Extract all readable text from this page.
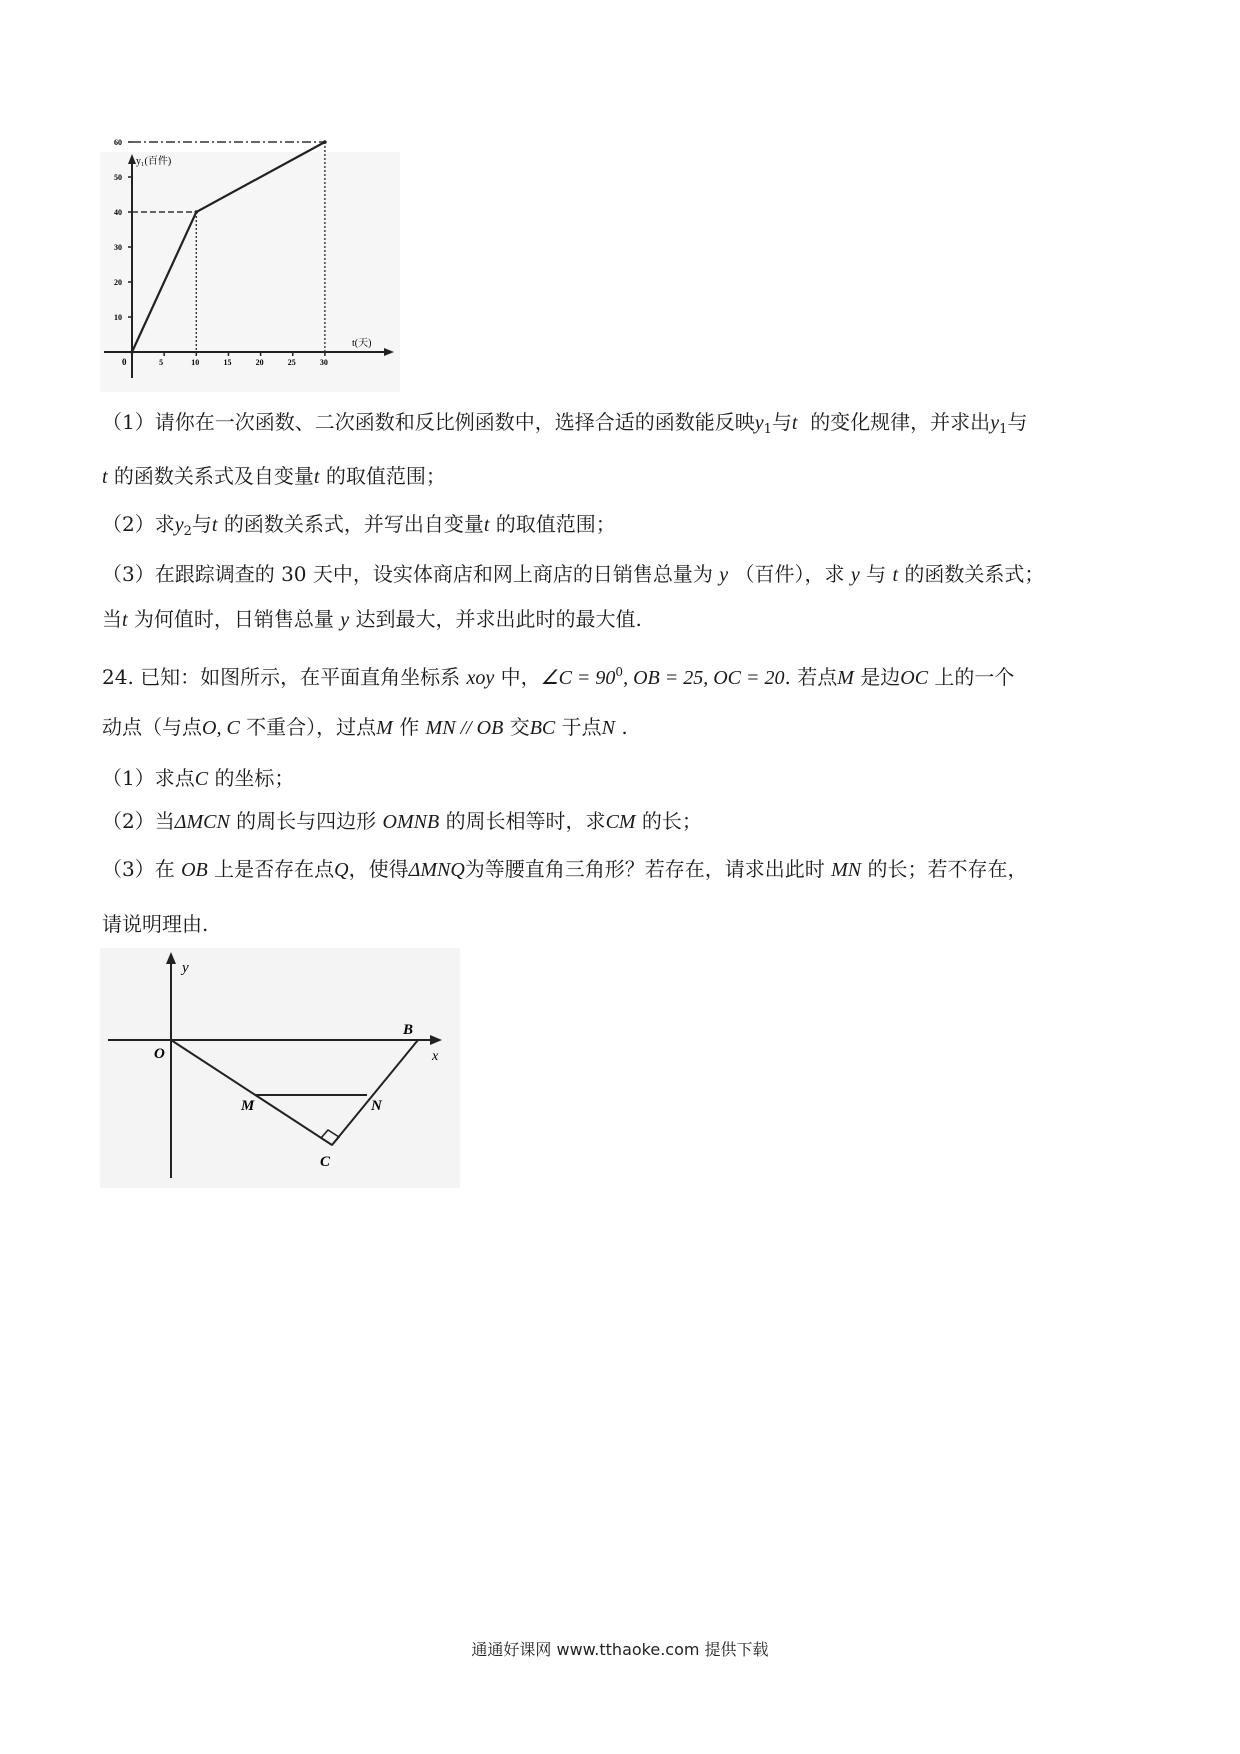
y₁(百件)
t(天)
0
10
20
30
40
50
60
5	10	15	20	25	30
（1）请你在一次函数、二次函数和反比例函数中，选择合适的函数能反映$y_1$与t 的变化规律，并求出$y_1$与
t 的函数关系式及自变量t 的取值范围；
（2）求$y_2$与t 的函数关系式，并写出自变量t 的取值范围；
（3）在跟踪调查的 30 天中，设实体商店和网上商店的日销售总量为 y （百件），求 y 与 t 的函数关系式；
当t 为何值时，日销售总量 y 达到最大，并求出此时的最大值.
24. 已知：如图所示，在平面直角坐标系 xoy 中，∠C = $90^0$, OB = 25, OC = 20. 若点M 是边OC 上的一个
动点（与点O, C 不重合），过点M 作 MN // OB 交BC 于点N .
（1）求点C 的坐标；
（2）当ΔMCN 的周长与四边形 OMNB 的周长相等时，求CM 的长；
（3）在 OB 上是否存在点Q，使得ΔMNQ为等腰直角三角形？若存在，请求出此时 MN 的长；若不存在，
请说明理由.
y
x
O
B
M	N
C
通通好课网 www.tthaoke.com 提供下载
